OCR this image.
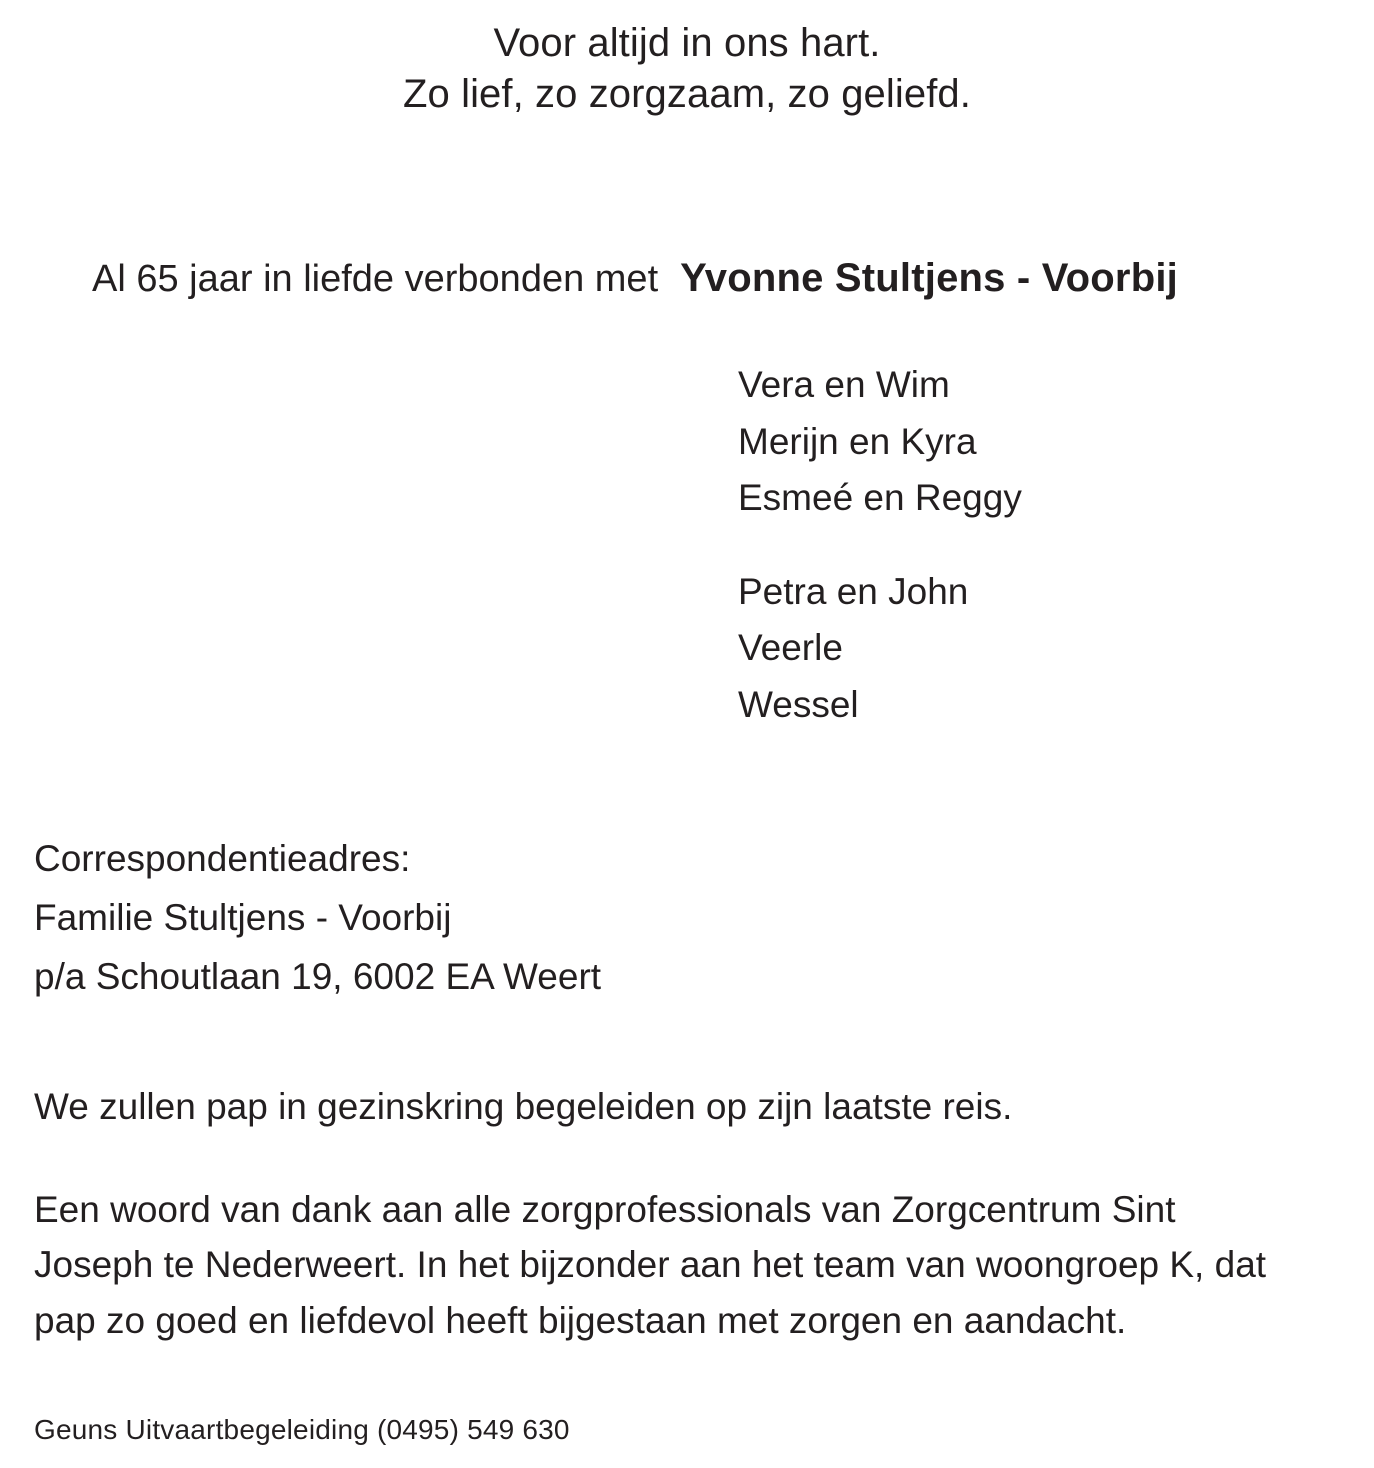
Voor altijd in ons hart.
Zo lief, zo zorgzaam, zo geliefd.
Al 65 jaar in liefde verbonden met Yvonne Stultjens - Voorbij
Vera en Wim
Merijn en Kyra
Esmeé en Reggy
Petra en John
Veerle
Wessel
Correspondentieadres:
Familie Stultjens - Voorbij
p/a Schoutlaan 19, 6002 EA Weert
We zullen pap in gezinskring begeleiden op zijn laatste reis.
Een woord van dank aan alle zorgprofessionals van Zorgcentrum Sint Joseph te Nederweert. In het bijzonder aan het team van woongroep K, dat pap zo goed en liefdevol heeft bijgestaan met zorgen en aandacht.
Geuns Uitvaartbegeleiding (0495) 549 630
